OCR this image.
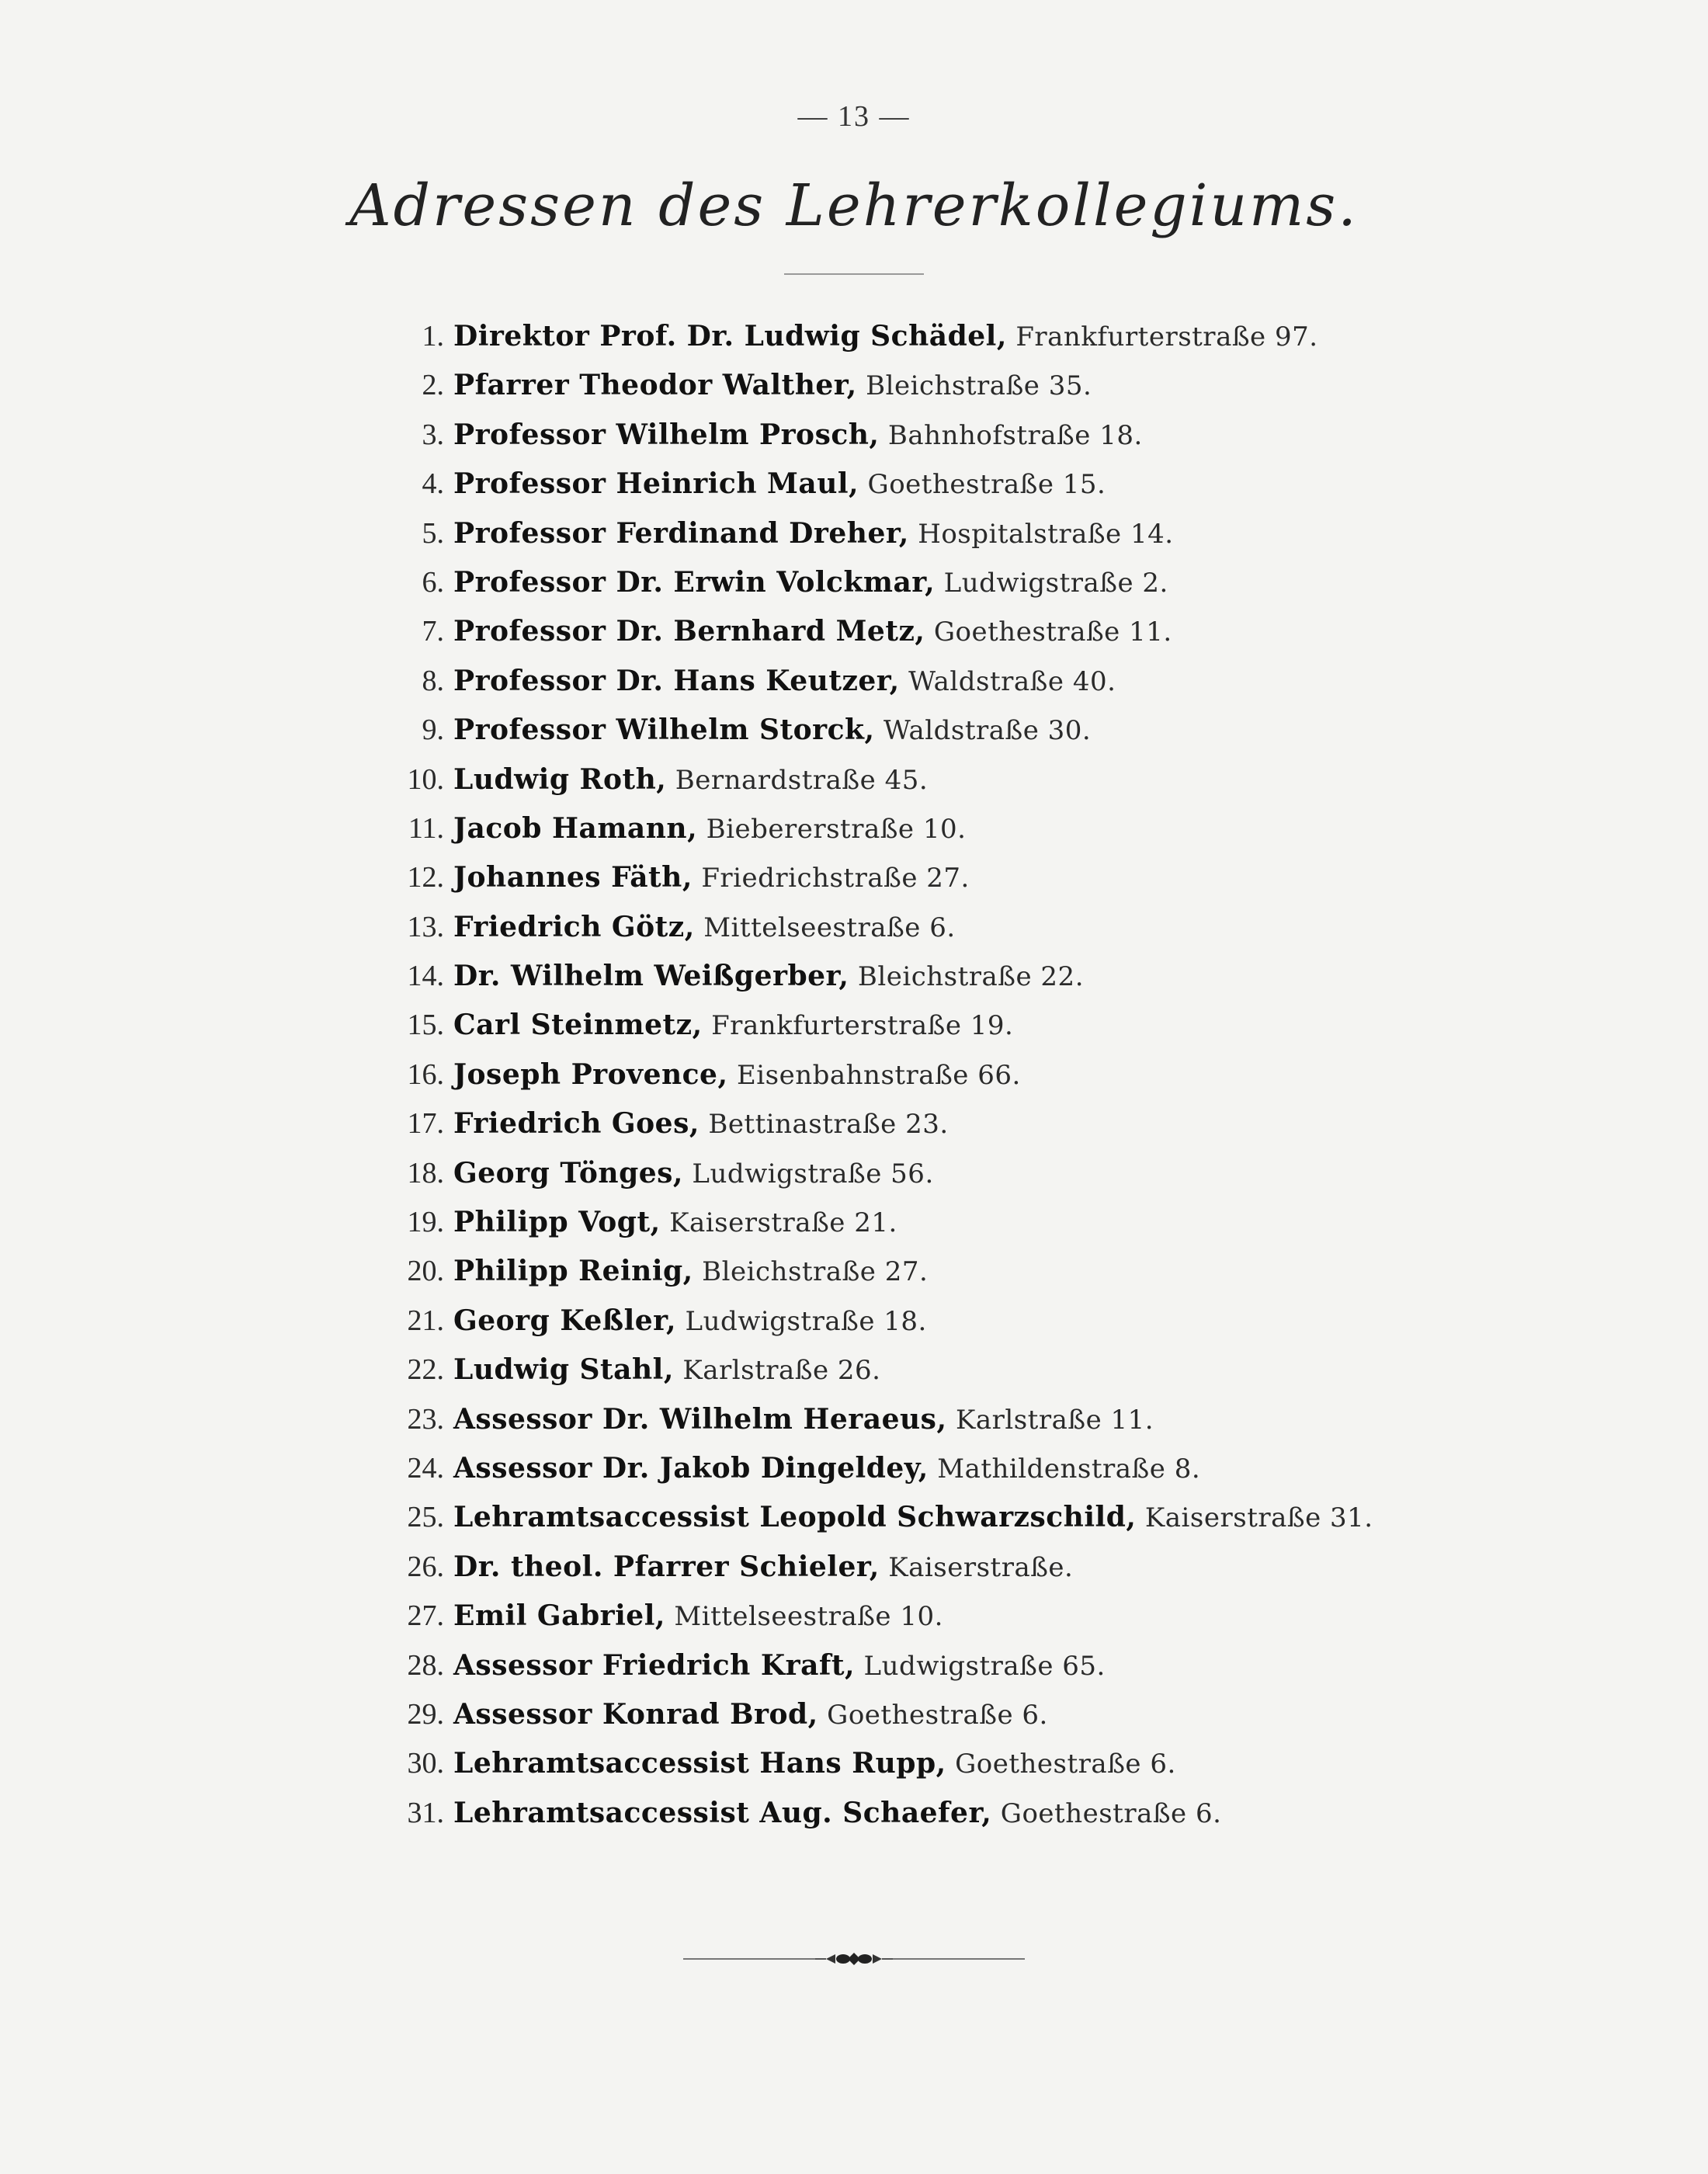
— 13 —
Adressen des Lehrerkollegiums.
1. Direktor Prof. Dr. Ludwig Schädel, Frankfurterstraße 97.
2. Pfarrer Theodor Walther, Bleichstraße 35.
3. Professor Wilhelm Prosch, Bahnhofstraße 18.
4. Professor Heinrich Maul, Goethestraße 15.
5. Professor Ferdinand Dreher, Hospitalstraße 14.
6. Professor Dr. Erwin Volckmar, Ludwigstraße 2.
7. Professor Dr. Bernhard Metz, Goethestraße 11.
8. Professor Dr. Hans Keutzer, Waldstraße 40.
9. Professor Wilhelm Storck, Waldstraße 30.
10. Ludwig Roth, Bernardstraße 45.
11. Jacob Hamann, Biebererstraße 10.
12. Johannes Fäth, Friedrichstraße 27.
13. Friedrich Götz, Mittelseestraße 6.
14. Dr. Wilhelm Weißgerber, Bleichstraße 22.
15. Carl Steinmetz, Frankfurterstraße 19.
16. Joseph Provence, Eisenbahnstraße 66.
17. Friedrich Goes, Bettinastraße 23.
18. Georg Tönges, Ludwigstraße 56.
19. Philipp Vogt, Kaiserstraße 21.
20. Philipp Reinig, Bleichstraße 27.
21. Georg Keßler, Ludwigstraße 18.
22. Ludwig Stahl, Karlstraße 26.
23. Assessor Dr. Wilhelm Heraeus, Karlstraße 11.
24. Assessor Dr. Jakob Dingeldey, Mathildenstraße 8.
25. Lehramtsaccessist Leopold Schwarzschild, Kaiserstraße 31.
26. Dr. theol. Pfarrer Schieler, Kaiserstraße.
27. Emil Gabriel, Mittelseestraße 10.
28. Assessor Friedrich Kraft, Ludwigstraße 65.
29. Assessor Konrad Brod, Goethestraße 6.
30. Lehramtsaccessist Hans Rupp, Goethestraße 6.
31. Lehramtsaccessist Aug. Schaefer, Goethestraße 6.
